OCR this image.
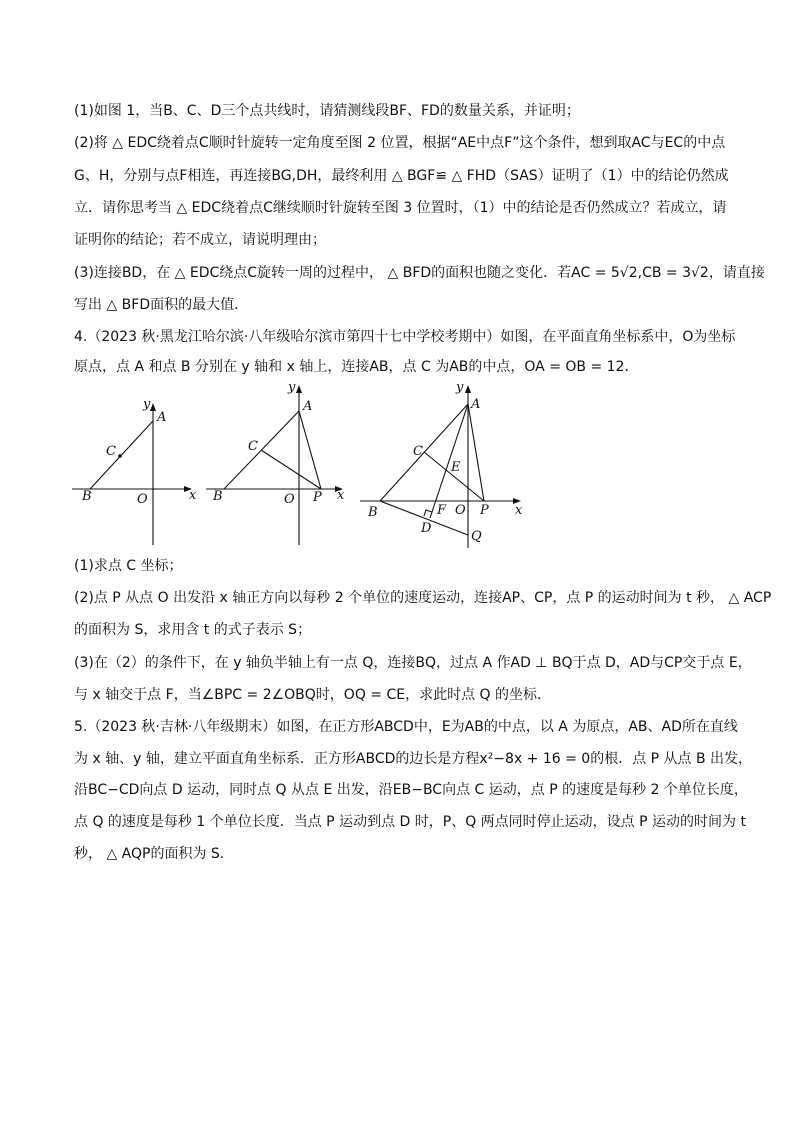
(1)如图 1，当B、C、D三个点共线时，请猜测线段BF、FD的数量关系，并证明；
(2)将 △ EDC绕着点C顺时针旋转一定角度至图 2 位置，根据“AE中点F”这个条件，想到取AC与EC的中点
G、H，分别与点F相连，再连接BG,DH，最终利用 △ BGF≌ △ FHD（SAS）证明了（1）中的结论仍然成
立．请你思考当 △ EDC绕着点C继续顺时针旋转至图 3 位置时，（1）中的结论是否仍然成立？若成立，请
证明你的结论；若不成立，请说明理由；
(3)连接BD，在 △ EDC绕点C旋转一周的过程中， △ BFD的面积也随之变化．若AC = 5√2,CB = 3√2，请直接
写出 △ BFD面积的最大值．
4.（2023 秋·黑龙江哈尔滨·八年级哈尔滨市第四十七中学校考期中）如图，在平面直角坐标系中，O为坐标
原点，点 A 和点 B 分别在 y 轴和 x 轴上，连接AB，点 C 为AB的中点，OA = OB = 12．
(1)求点 C 坐标；
(2)点 P 从点 O 出发沿 x 轴正方向以每秒 2 个单位的速度运动，连接AP、CP，点 P 的运动时间为 t 秒， △ ACP
的面积为 S，求用含 t 的式子表示 S；
(3)在（2）的条件下，在 y 轴负半轴上有一点 Q，连接BQ，过点 A 作AD ⊥ BQ于点 D，AD与CP交于点 E，
与 x 轴交于点 F，当∠BPC = 2∠OBQ时，OQ = CE，求此时点 Q 的坐标．
5.（2023 秋·吉林·八年级期末）如图，在正方形ABCD中，E为AB的中点，以 A 为原点，AB、AD所在直线
为 x 轴、y 轴，建立平面直角坐标系．正方形ABCD的边长是方程x²−8x + 16 = 0的根．点 P 从点 B 出发，
沿BC−CD向点 D 运动，同时点 Q 从点 E 出发，沿EB−BC向点 C 运动，点 P 的速度是每秒 2 个单位长度，
点 Q 的速度是每秒 1 个单位长度．当点 P 运动到点 D 时，P、Q 两点同时停止运动，设点 P 运动的时间为 t
秒， △ AQP的面积为 S．
B	O
C
A
x
y
B	O
C
A
P x
y
B	O
C
A
P
E
F
D
Q
x
y
